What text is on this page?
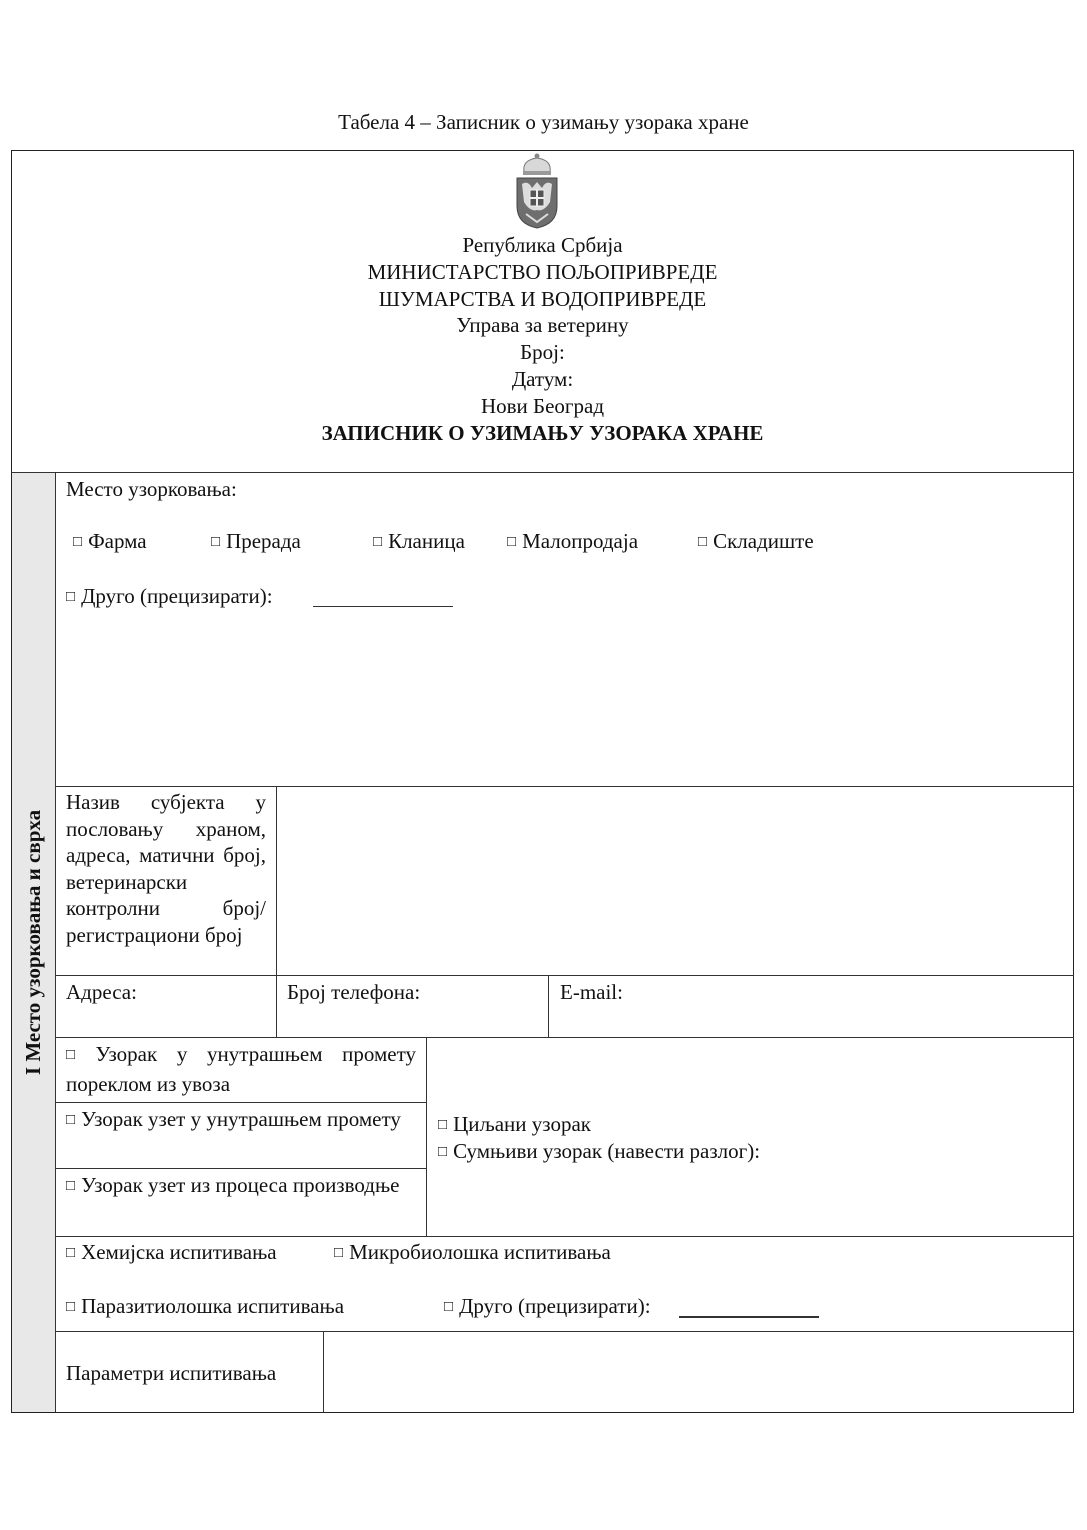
Табела 4 – Записник о узимању узорака хране
Република Србија
МИНИСТАРСТВО ПОЉОПРИВРЕДЕ
ШУМАРСТВА И ВОДОПРИВРЕДЕ
Управа за ветерину
Број:
Датум:
Нови Београд
ЗАПИСНИК О УЗИМАЊУ УЗОРАКА ХРАНЕ
I Место узорковања и сврха
Место узорковања:
□ Фарма	□ Прерада	□ Кланица	□ Малопродаја	□ Складиште
□ Друго (прецизирати):
Назив субјекта у пословању храном, адреса, матични број, ветеринарски контролни број/регистрациони број
Адреса:	Број телефона:	E-mail:
□ Узорак у унутрашњем промету пореклом из увоза
□ Узорак узет у унутрашњем промету
□ Узорак узет из процеса производње
□ Циљани узорак
□ Сумњиви узорак (навести разлог):
□ Хемијска испитивања	□ Микробиолошка испитивања
□ Паразитиолошка испитивања	□ Друго (прецизирати):
Параметри испитивања
